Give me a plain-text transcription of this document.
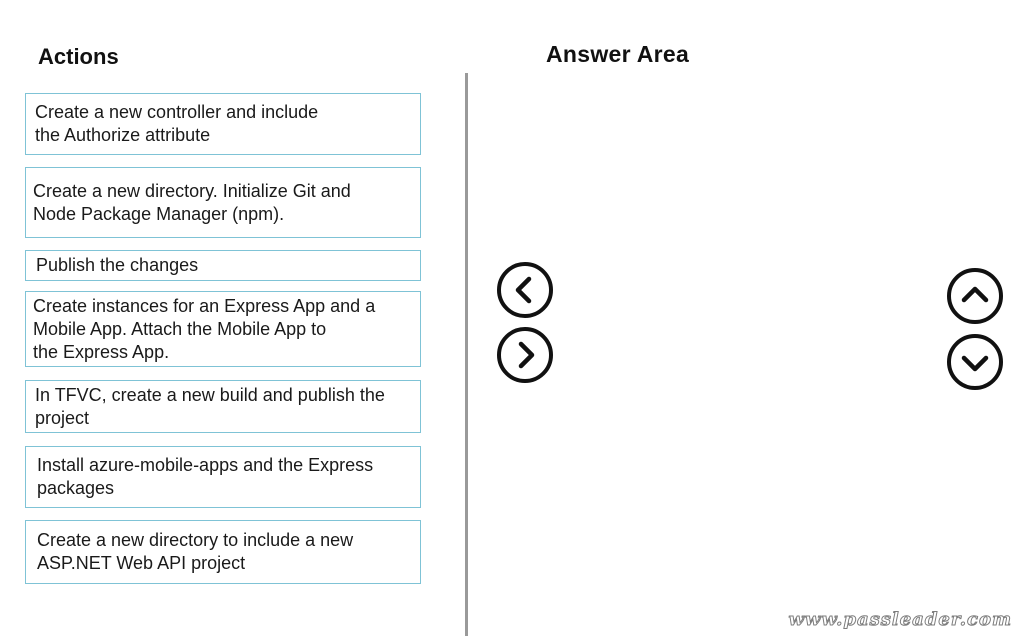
Actions	Answer Area
Create a new controller and include
the Authorize attribute
Create a new directory. Initialize Git and
Node Package Manager (npm).
Publish the changes
Create instances for an Express App and a
Mobile App. Attach the Mobile App to
the Express App.
In TFVC, create a new build and publish the
project
Install azure-mobile-apps and the Express
packages
Create a new directory to include a new
ASP.NET Web API project
www.passleader.com
